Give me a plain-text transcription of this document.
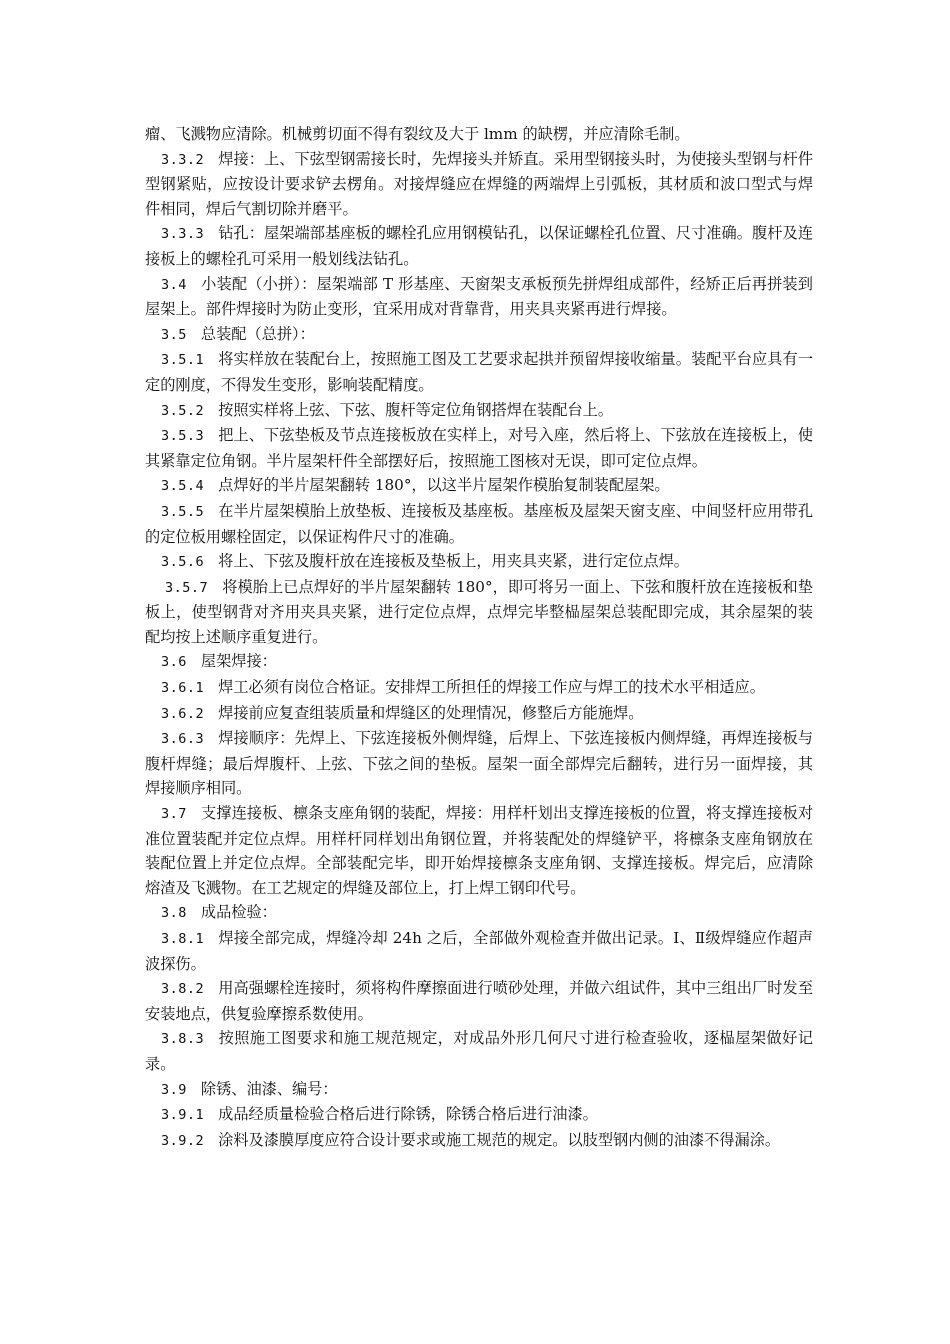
瘤、飞溅物应清除。机械剪切面不得有裂纹及大于 lmm 的缺楞，并应清除毛制。

3.3.2 焊接：上、下弦型钢需接长时，先焊接头并矫直。采用型钢接头时，为使接头型钢与杆件型钢紧贴，应按设计要求铲去楞角。对接焊缝应在焊缝的两端焊上引弧板，其材质和波口型式与焊件相同，焊后气割切除并磨平。

3.3.3 钻孔：屋架端部基座板的螺栓孔应用钢模钻孔，以保证螺栓孔位置、尺寸准确。腹杆及连接板上的螺栓孔可采用一般划线法钻孔。

3.4 小装配（小拼）：屋架端部 T 形基座、天窗架支承板预先拼焊组成部件，经矫正后再拼装到屋架上。部件焊接时为防止变形，宜采用成对背靠背，用夹具夹紧再进行焊接。

3.5 总装配（总拼）：

3.5.1 将实样放在装配台上，按照施工图及工艺要求起拱并预留焊接收缩量。装配平台应具有一定的刚度，不得发生变形，影响装配精度。

3.5.2 按照实样将上弦、下弦、腹杆等定位角钢搭焊在装配台上。

3.5.3 把上、下弦垫板及节点连接板放在实样上，对号入座，然后将上、下弦放在连接板上，使其紧靠定位角钢。半片屋架杆件全部摆好后，按照施工图核对无误，即可定位点焊。

3.5.4 点焊好的半片屋架翻转 180°，以这半片屋架作模胎复制装配屋架。

3.5.5 在半片屋架模胎上放垫板、连接板及基座板。基座板及屋架天窗支座、中间竖杆应用带孔的定位板用螺栓固定，以保证构件尺寸的准确。

3.5.6 将上、下弦及腹杆放在连接板及垫板上，用夹具夹紧，进行定位点焊。

3.5.7 将模胎上已点焊好的半片屋架翻转 180°，即可将另一面上、下弦和腹杆放在连接板和垫板上，使型钢背对齐用夹具夹紧，进行定位点焊，点焊完毕整榀屋架总装配即完成，其余屋架的装配均按上述顺序重复进行。

3.6 屋架焊接：

3.6.1 焊工必须有岗位合格证。安排焊工所担任的焊接工作应与焊工的技术水平相适应。

3.6.2 焊接前应复查组装质量和焊缝区的处理情况，修整后方能施焊。

3.6.3 焊接顺序：先焊上、下弦连接板外侧焊缝，后焊上、下弦连接板内侧焊缝，再焊连接板与腹杆焊缝；最后焊腹杆、上弦、下弦之间的垫板。屋架一面全部焊完后翻转，进行另一面焊接，其焊接顺序相同。

3.7 支撑连接板、檩条支座角钢的装配，焊接：用样杆划出支撑连接板的位置，将支撑连接板对准位置装配并定位点焊。用样杆同样划出角钢位置，并将装配处的焊缝铲平，将檩条支座角钢放在装配位置上并定位点焊。全部装配完毕，即开始焊接檩条支座角钢、支撑连接板。焊完后，应清除熔渣及飞溅物。在工艺规定的焊缝及部位上，打上焊工钢印代号。

3.8 成品检验：

3.8.1 焊接全部完成，焊缝冷却 24h 之后，全部做外观检查并做出记录。Ⅰ、Ⅱ级焊缝应作超声波探伤。

3.8.2 用高强螺栓连接时，须将构件摩擦面进行喷砂处理，并做六组试件，其中三组出厂时发至安装地点，供复验摩擦系数使用。

3.8.3 按照施工图要求和施工规范规定，对成品外形几何尺寸进行检查验收，逐榀屋架做好记录。

3.9 除锈、油漆、编号：

3.9.1 成品经质量检验合格后进行除锈，除锈合格后进行油漆。

3.9.2 涂料及漆膜厚度应符合设计要求或施工规范的规定。以肢型钢内侧的油漆不得漏涂。
